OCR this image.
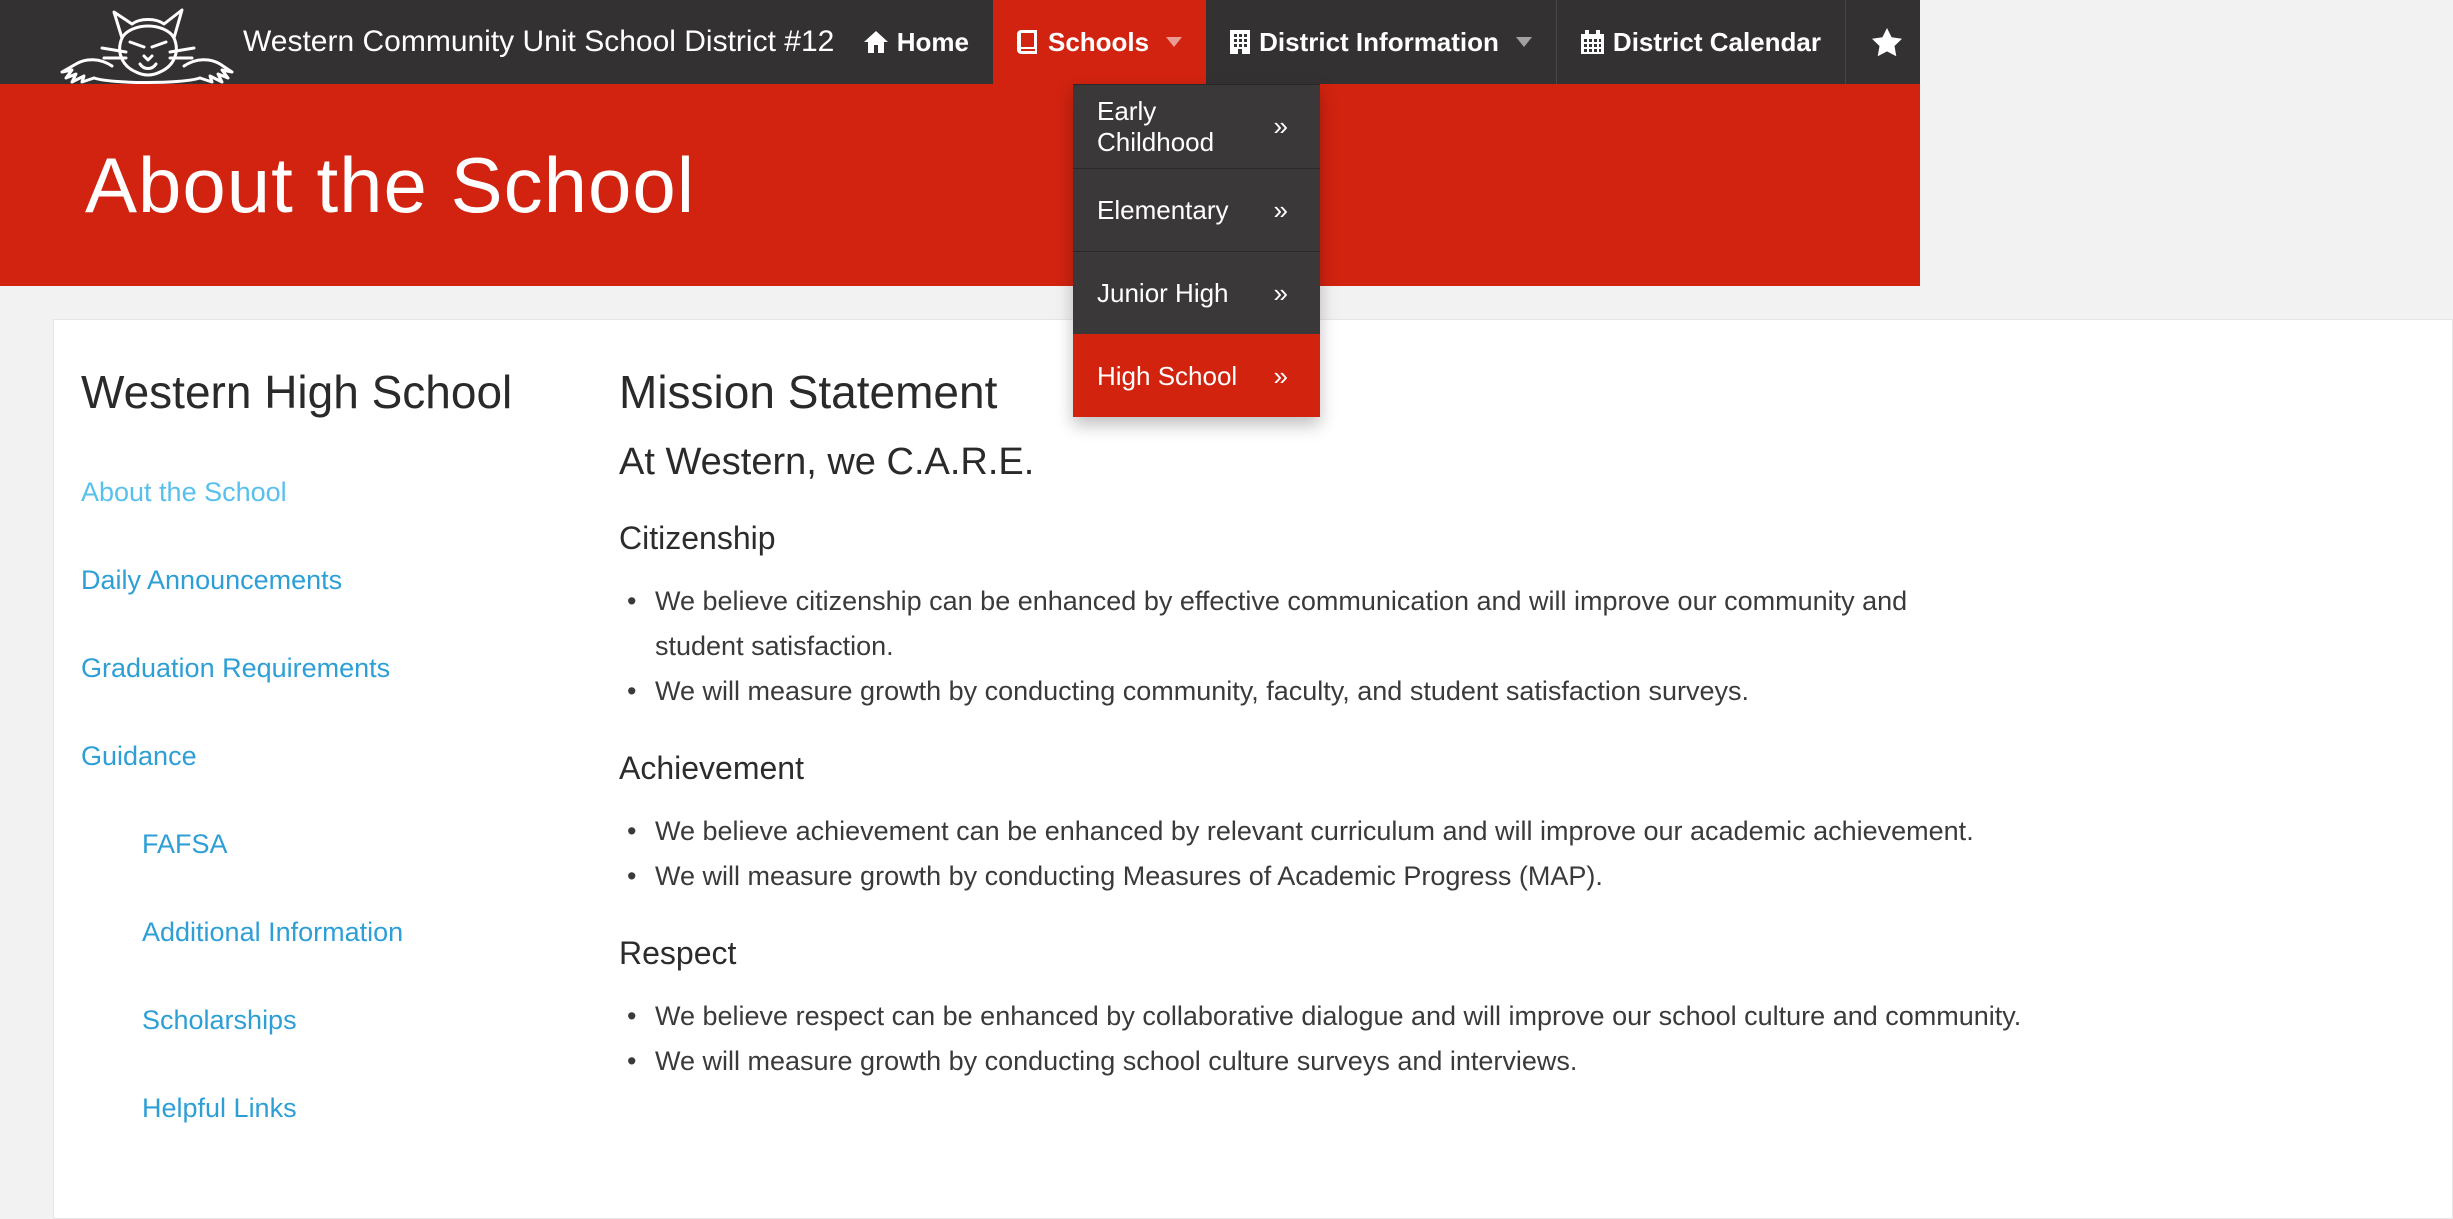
Western Community Unit School District #12 Home	Schools	District Information	District Calendar
Early Childhood
»
Elementary »
Junior High »
High School »
About the School
Western High School
About the School
Daily Announcements
Graduation Requirements
Guidance
FAFSA
Additional Information
Scholarships
Helpful Links
Mission Statement
At Western, we C.A.R.E.
Citizenship
• We believe citizenship can be enhanced by effective communication and will improve our community and
student satisfaction.
• We will measure growth by conducting community, faculty, and student satisfaction surveys.
Achievement
• We believe achievement can be enhanced by relevant curriculum and will improve our academic achievement.
• We will measure growth by conducting Measures of Academic Progress (MAP).
Respect
• We believe respect can be enhanced by collaborative dialogue and will improve our school culture and community.
• We will measure growth by conducting school culture surveys and interviews.
